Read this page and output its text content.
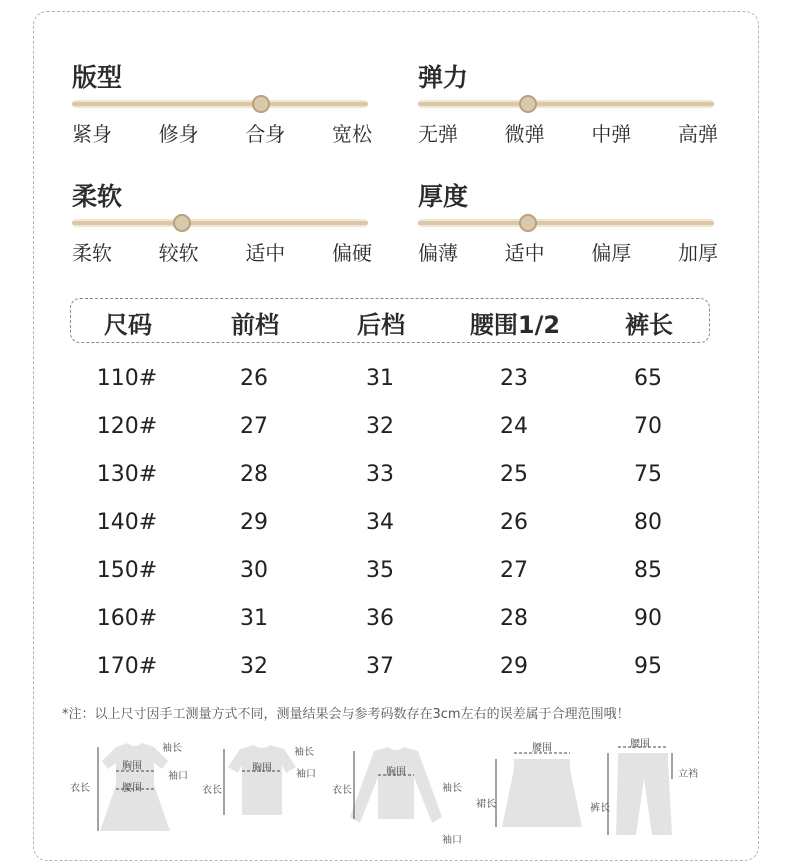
版型
紧身 修身 合身 宽松
弹力
无弹 微弹 中弹 高弹
柔软
柔软 较软 适中 偏硬
厚度
偏薄 适中 偏厚 加厚
尺码	前档	后档	腰围1/2	裤长
110#	26	31	23	65
120#	27	32	24	70
130#	28	33	25	75
140#	29	34	26	80
150#	30	35	27	85
160#	31	36	28	90
170#	32	37	29	95
*注：以上尺寸因手工测量方式不同，测量结果会与参考码数存在3cm左右的误差属于合理范围哦！
袖长
胸围
袖口
衣长	腰围
袖长
胸围
袖口
衣长
胸围
衣长	袖长
袖口
腰围
裙长
腰围
立裆
裤长
